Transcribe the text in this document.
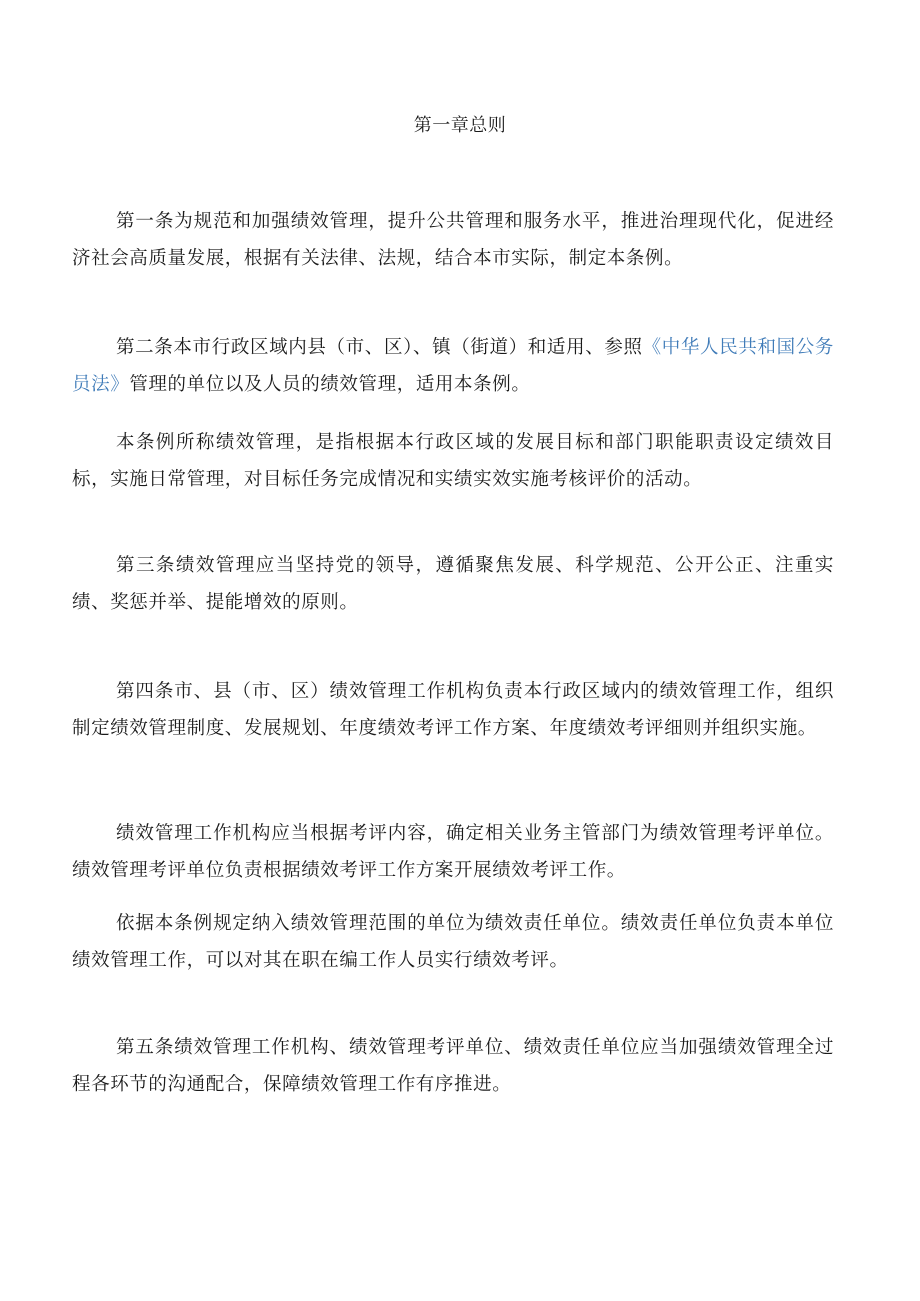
第一章总则

第一条为规范和加强绩效管理，提升公共管理和服务水平，推进治理现代化，促进经济社会高质量发展，根据有关法律、法规，结合本市实际，制定本条例。

第二条本市行政区域内县（市、区）、镇（街道）和适用、参照《中华人民共和国公务员法》管理的单位以及人员的绩效管理，适用本条例。

本条例所称绩效管理，是指根据本行政区域的发展目标和部门职能职责设定绩效目标，实施日常管理，对目标任务完成情况和实绩实效实施考核评价的活动。

第三条绩效管理应当坚持党的领导，遵循聚焦发展、科学规范、公开公正、注重实绩、奖惩并举、提能增效的原则。

第四条市、县（市、区）绩效管理工作机构负责本行政区域内的绩效管理工作，组织制定绩效管理制度、发展规划、年度绩效考评工作方案、年度绩效考评细则并组织实施。

绩效管理工作机构应当根据考评内容，确定相关业务主管部门为绩效管理考评单位。绩效管理考评单位负责根据绩效考评工作方案开展绩效考评工作。

依据本条例规定纳入绩效管理范围的单位为绩效责任单位。绩效责任单位负责本单位绩效管理工作，可以对其在职在编工作人员实行绩效考评。

第五条绩效管理工作机构、绩效管理考评单位、绩效责任单位应当加强绩效管理全过程各环节的沟通配合，保障绩效管理工作有序推进。
